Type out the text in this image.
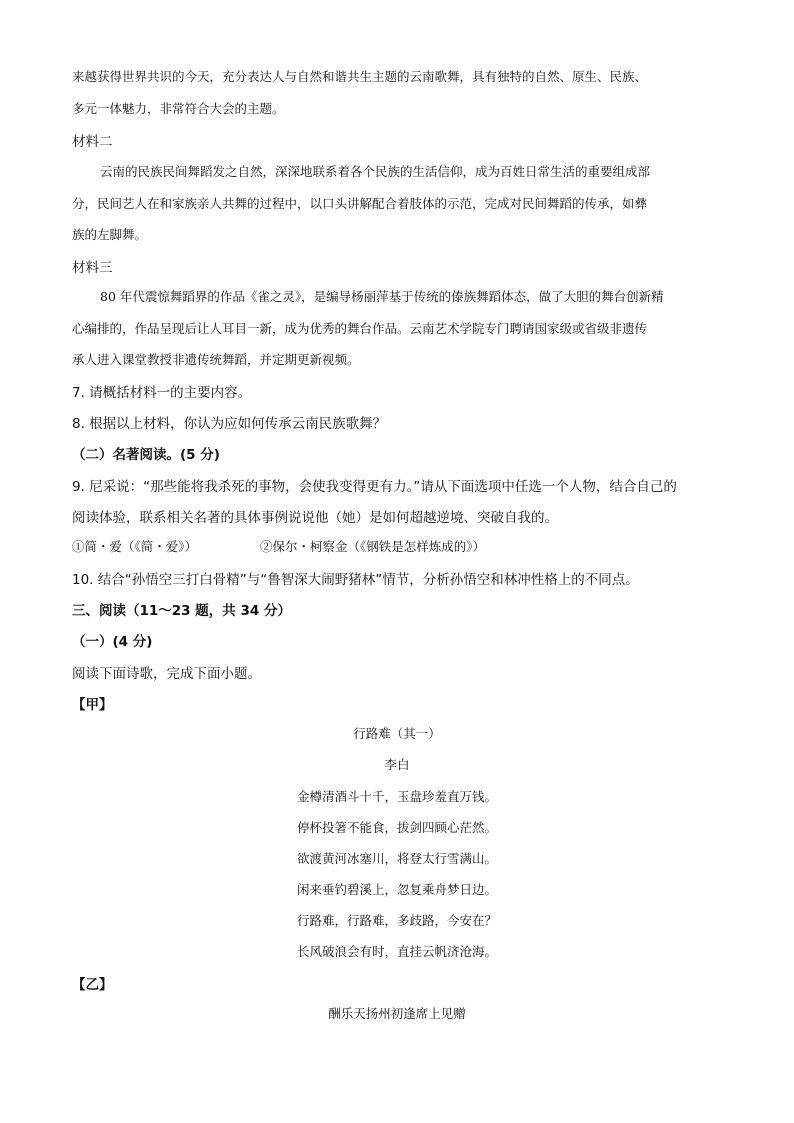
来越获得世界共识的今天，充分表达人与自然和谐共生主题的云南歌舞，具有独特的自然、原生、民族、
多元一体魅力，非常符合大会的主题。
材料二
云南的民族民间舞蹈发之自然，深深地联系着各个民族的生活信仰，成为百姓日常生活的重要组成部
分，民间艺人在和家族亲人共舞的过程中，以口头讲解配合着肢体的示范，完成对民间舞蹈的传承，如彝
族的左脚舞。
材料三
80 年代震惊舞蹈界的作品《雀之灵》，是编导杨丽萍基于传统的傣族舞蹈体态，做了大胆的舞台创新精
心编排的，作品呈现后让人耳目一新，成为优秀的舞台作品。云南艺术学院专门聘请国家级或省级非遗传
承人进入课堂教授非遗传统舞蹈，并定期更新视频。
7. 请概括材料一的主要内容。
8. 根据以上材料，你认为应如何传承云南民族歌舞？
（二）名著阅读。(5 分)
9. 尼采说：“那些能将我杀死的事物，会使我变得更有力。”请从下面选项中任选一个人物，结合自己的
阅读体验，联系相关名著的具体事例说说他（她）是如何超越逆境、突破自我的。
①简・爱（《简・爱》）	②保尔・柯察金（《钢铁是怎样炼成的》）
10. 结合“孙悟空三打白骨精”与“鲁智深大闹野猪林”情节，分析孙悟空和林冲性格上的不同点。
三、阅读（11～23 题，共 34 分）
（一）(4 分)
阅读下面诗歌，完成下面小题。
【甲】
行路难（其一）
李白
金樽清酒斗十千，玉盘珍羞直万钱。
停杯投箸不能食，拔剑四顾心茫然。
欲渡黄河冰塞川，将登太行雪满山。
闲来垂钓碧溪上，忽复乘舟梦日边。
行路难，行路难，多歧路，今安在？
长风破浪会有时，直挂云帆济沧海。
【乙】
酬乐天扬州初逢席上见赠
